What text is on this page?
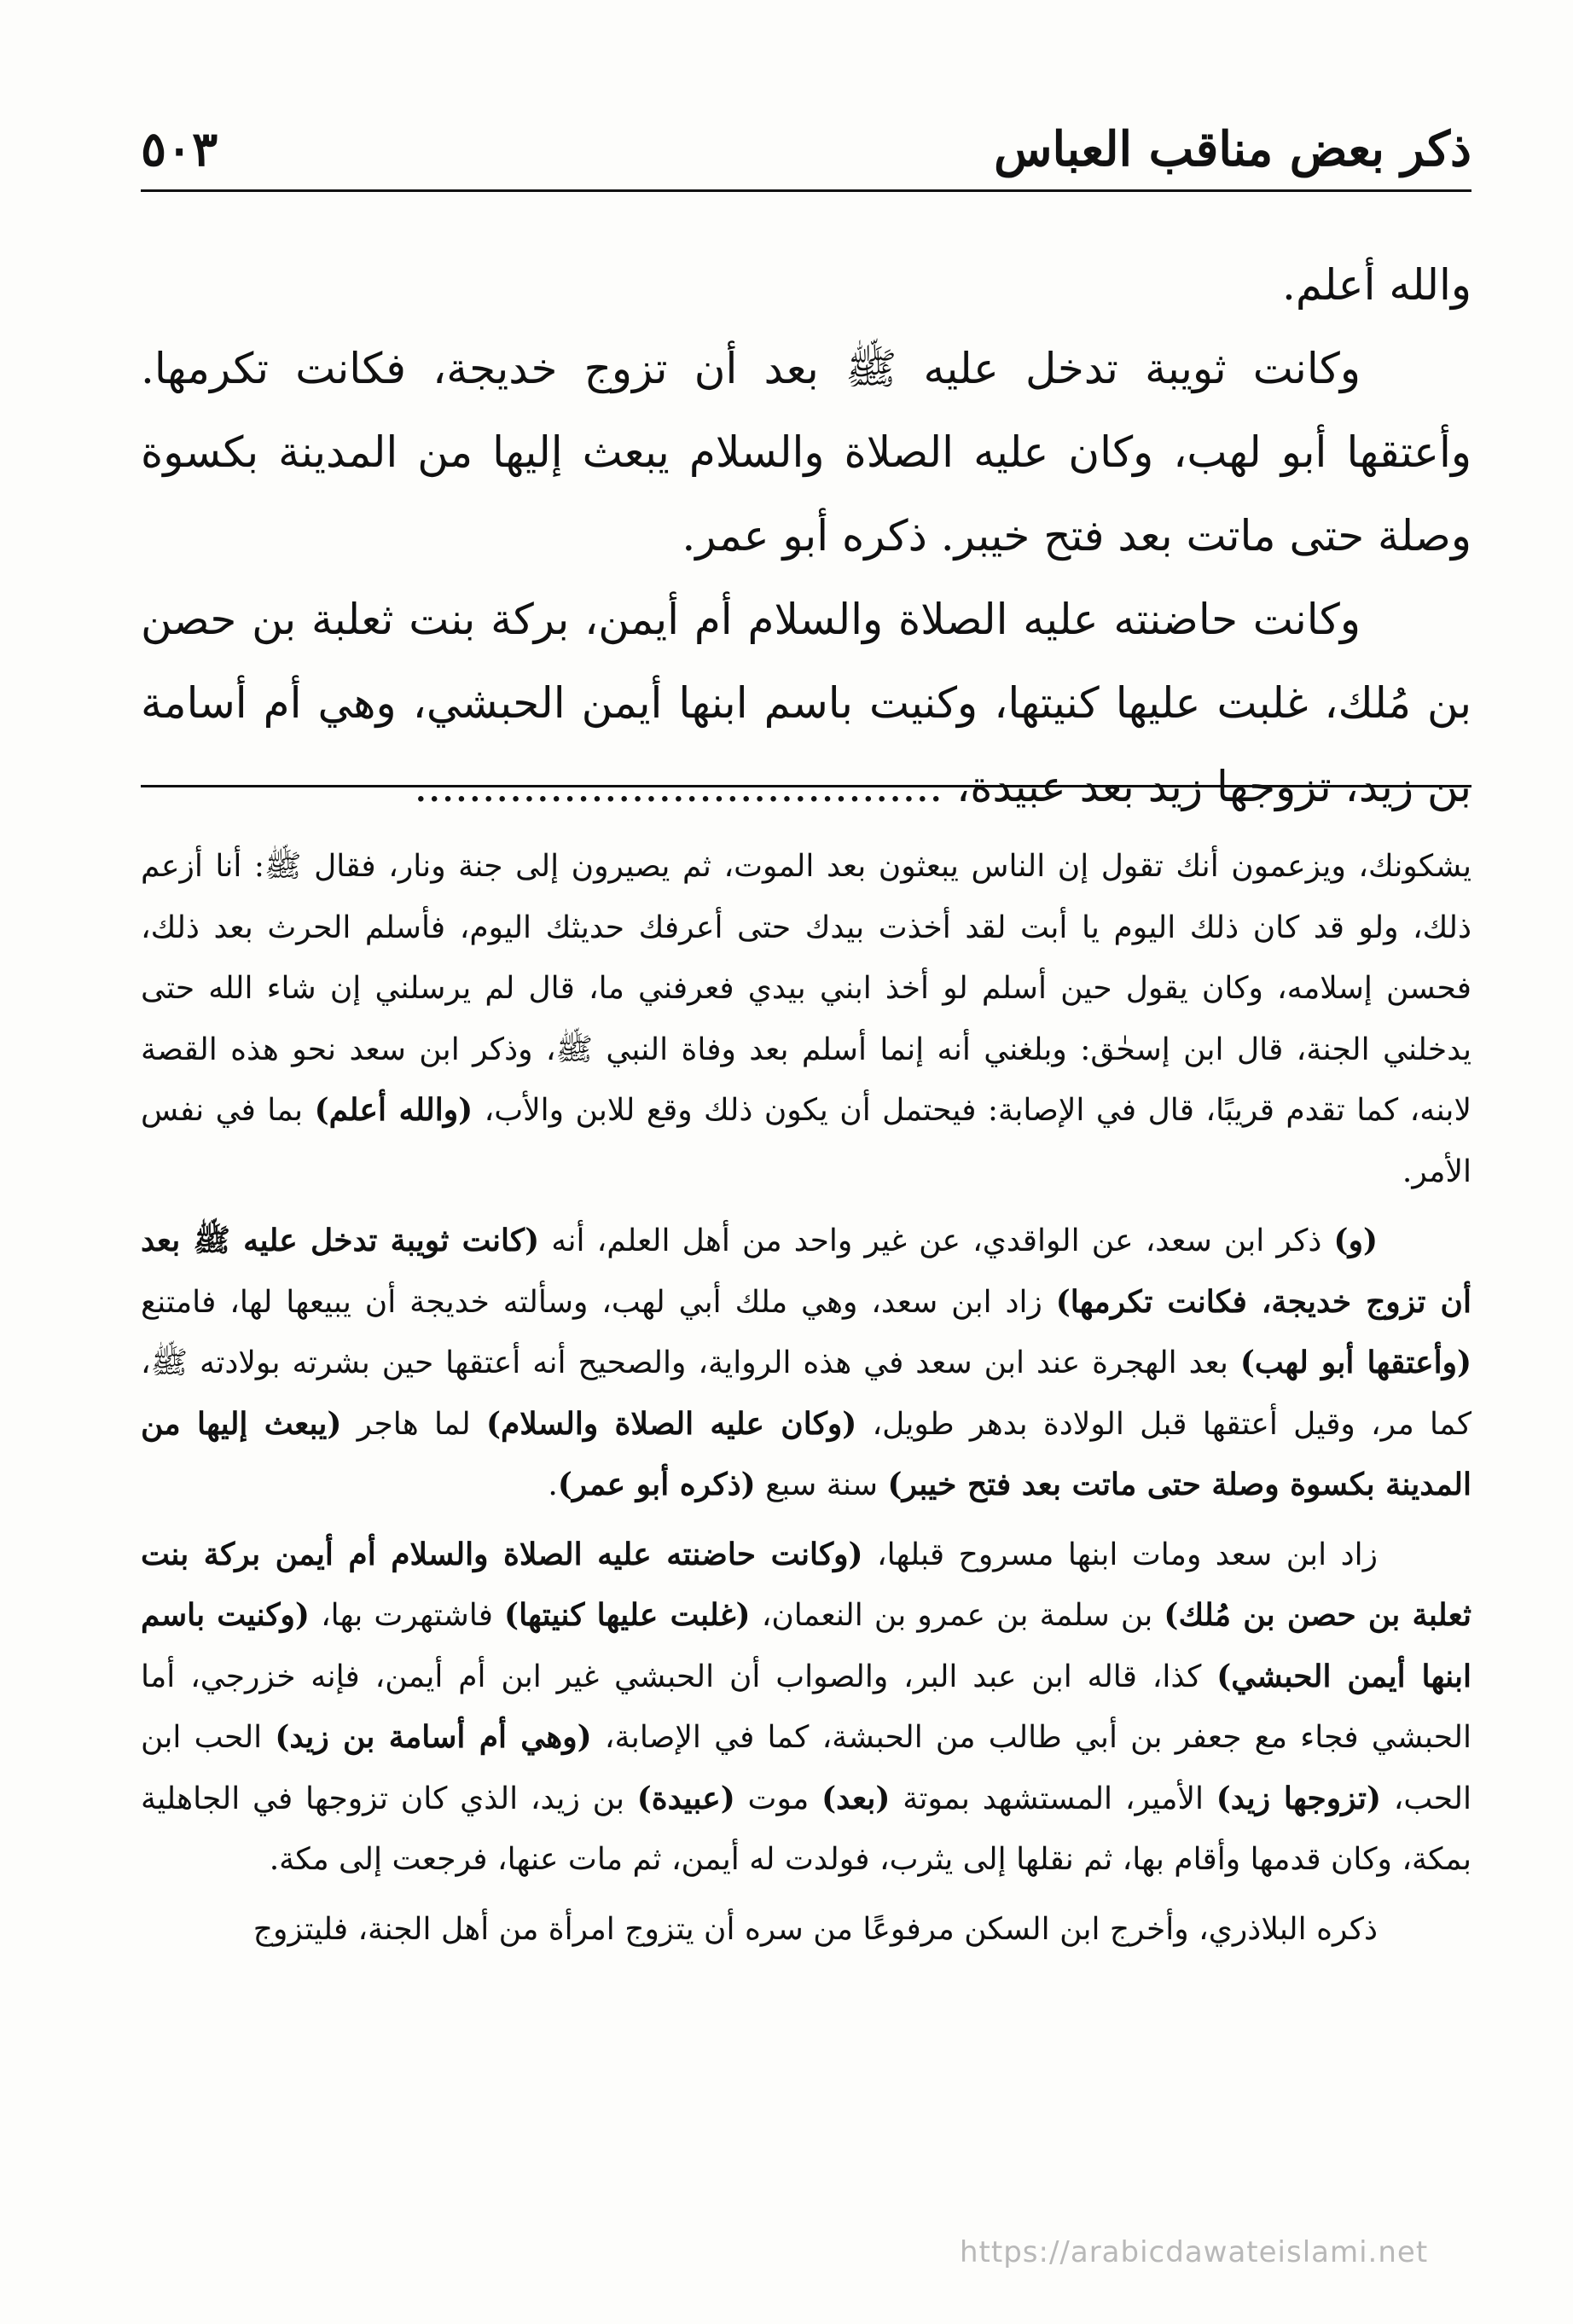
ذكر بعض مناقب العباس
٥٠٣

والله أعلم.

وكانت ثويبة تدخل عليه ﷺ بعد أن تزوج خديجة، فكانت تكرمها. وأعتقها أبو لهب، وكان عليه الصلاة والسلام يبعث إليها من المدينة بكسوة وصلة حتى ماتت بعد فتح خيبر. ذكره أبو عمر.

وكانت حاضنته عليه الصلاة والسلام أم أيمن، بركة بنت ثعلبة بن حصن بن مُلك، غلبت عليها كنيتها، وكنيت باسم ابنها أيمن الحبشي، وهي أم أسامة بن زيد، تزوجها زيد بعد عبيدة، .......................................

يشكونك، ويزعمون أنك تقول إن الناس يبعثون بعد الموت، ثم يصيرون إلى جنة ونار، فقال ﷺ: أنا أزعم ذلك، ولو قد كان ذلك اليوم يا أبت لقد أخذت بيدك حتى أعرفك حديثك اليوم، فأسلم الحرث بعد ذلك، فحسن إسلامه، وكان يقول حين أسلم لو أخذ ابني بيدي فعرفني ما، قال لم يرسلني إن شاء الله حتى يدخلني الجنة، قال ابن إسحٰق: وبلغني أنه إنما أسلم بعد وفاة النبي ﷺ، وذكر ابن سعد نحو هذه القصة لابنه، كما تقدم قريبًا، قال في الإصابة: فيحتمل أن يكون ذلك وقع للابن والأب، (والله أعلم) بما في نفس الأمر.

(و) ذكر ابن سعد، عن الواقدي، عن غير واحد من أهل العلم، أنه (كانت ثويبة تدخل عليه ﷺ بعد أن تزوج خديجة، فكانت تكرمها) زاد ابن سعد، وهي ملك أبي لهب، وسألته خديجة أن يبيعها لها، فامتنع (وأعتقها أبو لهب) بعد الهجرة عند ابن سعد في هذه الرواية، والصحيح أنه أعتقها حين بشرته بولادته ﷺ، كما مر، وقيل أعتقها قبل الولادة بدهر طويل، (وكان عليه الصلاة والسلام) لما هاجر (يبعث إليها من المدينة بكسوة وصلة حتى ماتت بعد فتح خيبر) سنة سبع (ذكره أبو عمر).

زاد ابن سعد ومات ابنها مسروح قبلها، (وكانت حاضنته عليه الصلاة والسلام أم أيمن بركة بنت ثعلبة بن حصن بن مُلك) بن سلمة بن عمرو بن النعمان، (غلبت عليها كنيتها) فاشتهرت بها، (وكنيت باسم ابنها أيمن الحبشي) كذا، قاله ابن عبد البر، والصواب أن الحبشي غير ابن أم أيمن، فإنه خزرجي، أما الحبشي فجاء مع جعفر بن أبي طالب من الحبشة، كما في الإصابة، (وهي أم أسامة بن زيد) الحب ابن الحب، (تزوجها زيد) الأمير، المستشهد بموتة (بعد) موت (عبيدة) بن زيد، الذي كان تزوجها في الجاهلية بمكة، وكان قدمها وأقام بها، ثم نقلها إلى يثرب، فولدت له أيمن، ثم مات عنها، فرجعت إلى مكة.

ذكره البلاذري، وأخرج ابن السكن مرفوعًا من سره أن يتزوج امرأة من أهل الجنة، فليتزوج

https://arabicdawateislami.net
